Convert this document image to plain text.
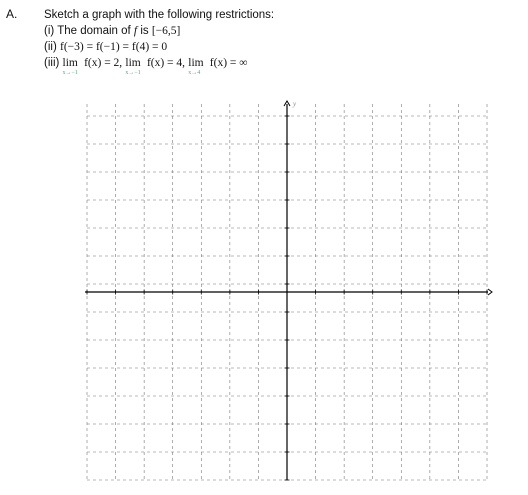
A. Sketch a graph with the following restrictions:
(i) The domain of f is [−6,5]
(ii) f(−3) = f(−1) = f(4) = 0
(iii) lim
x→−1
f(x) = 2, lim
x→−1
f(x) = 4, lim
x→4
f(x) = ∞
y
